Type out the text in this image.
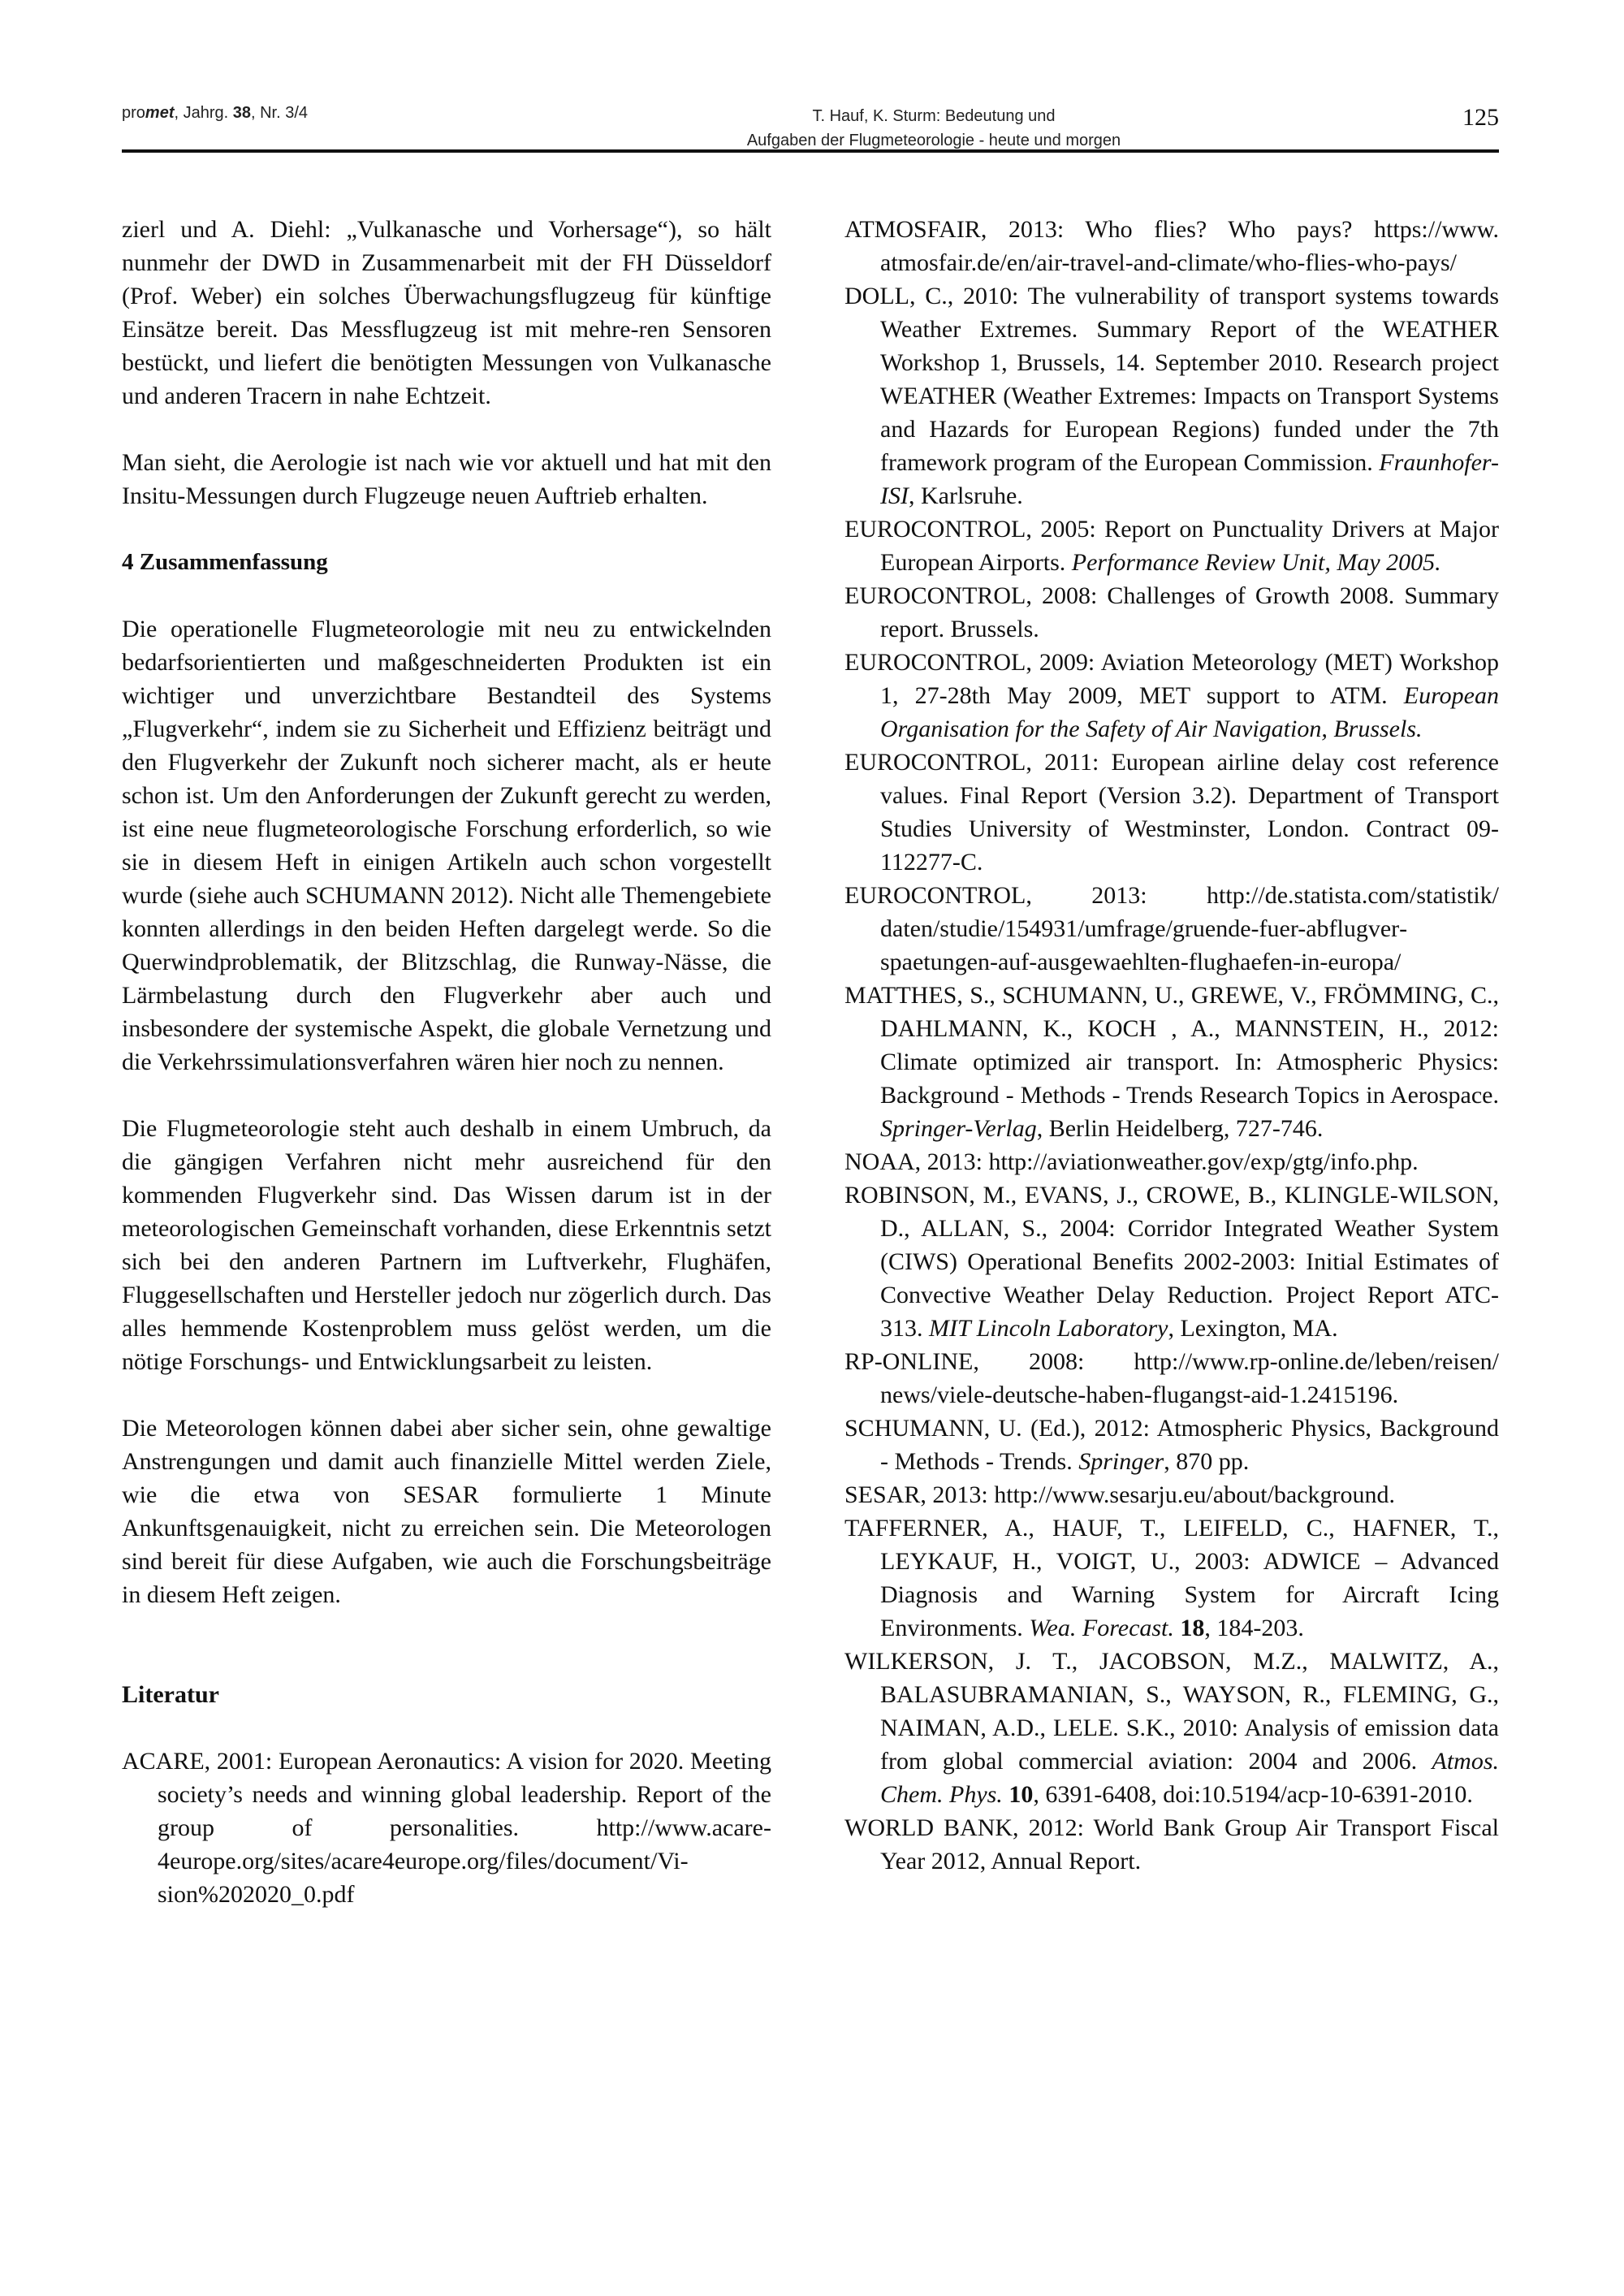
promet, Jahrg. 38, Nr. 3/4	T. Hauf, K. Sturm: Bedeutung und
Aufgaben der Flugmeteorologie - heute und morgen
125

zierl und A. Diehl: „Vulkanasche und Vorhersage“), so hält nunmehr der DWD in Zusammenarbeit mit der FH Düsseldorf (Prof. Weber) ein solches Überwachungsflugzeug für künftige Einsätze bereit. Das Messflugzeug ist mit mehre-ren Sensoren bestückt, und liefert die benötigten Messungen von Vulkanasche und anderen Tracern in nahe Echtzeit.

Man sieht, die Aerologie ist nach wie vor aktuell und hat mit den Insitu-Messungen durch Flugzeuge neuen Auftrieb erhalten.

4 Zusammenfassung

Die operationelle Flugmeteorologie mit neu zu entwickelnden bedarfsorientierten und maßgeschneiderten Produkten ist ein wichtiger und unverzichtbare Bestandteil des Systems „Flugverkehr“, indem sie zu Sicherheit und Effizienz beiträgt und den Flugverkehr der Zukunft noch sicherer macht, als er heute schon ist. Um den Anforderungen der Zukunft gerecht zu werden, ist eine neue flugmeteorologische Forschung erforderlich, so wie sie in diesem Heft in einigen Artikeln auch schon vorgestellt wurde (siehe auch SCHUMANN 2012). Nicht alle Themengebiete konnten allerdings in den beiden Heften dargelegt werde. So die Querwindproblematik, der Blitzschlag, die Runway-Nässe, die Lärmbelastung durch den Flugverkehr aber auch und insbesondere der systemische Aspekt, die globale Vernetzung und die Verkehrssimulationsverfahren wären hier noch zu nennen.

Die Flugmeteorologie steht auch deshalb in einem Umbruch, da die gängigen Verfahren nicht mehr ausreichend für den kommenden Flugverkehr sind. Das Wissen darum ist in der meteorologischen Gemeinschaft vorhanden, diese Erkenntnis setzt sich bei den anderen Partnern im Luftverkehr, Flughäfen, Fluggesellschaften und Hersteller jedoch nur zögerlich durch. Das alles hemmende Kostenproblem muss gelöst werden, um die nötige Forschungs- und Entwicklungsarbeit zu leisten.

Die Meteorologen können dabei aber sicher sein, ohne gewaltige Anstrengungen und damit auch finanzielle Mittel werden Ziele, wie die etwa von SESAR formulierte 1 Minute Ankunftsgenauigkeit, nicht zu erreichen sein. Die Meteorologen sind bereit für diese Aufgaben, wie auch die Forschungsbeiträge in diesem Heft zeigen.

Literatur
ACARE, 2001: European Aeronautics: A vision for 2020. Meeting society’s needs and winning global leadership. Report of the group of personalities. http://www.acare4europe.org/sites/acare4europe.org/files/document/Vision%202020_0.pdf
ATMOSFAIR, 2013: Who flies? Who pays? https://www. atmosfair.de/en/air-travel-and-climate/who-flies-who-pays/
DOLL, C., 2010: The vulnerability of transport systems towards Weather Extremes. Summary Report of the WEATHER Workshop 1, Brussels, 14. September 2010. Research project WEATHER (Weather Extremes: Impacts on Transport Systems and Hazards for European Regions) funded under the 7th framework program of the European Commission. Fraunhofer-ISI, Karlsruhe.
EUROCONTROL, 2005: Report on Punctuality Drivers at Major European Airports. Performance Review Unit, May 2005.
EUROCONTROL, 2008: Challenges of Growth 2008. Summary report. Brussels.
EUROCONTROL, 2009: Aviation Meteorology (MET) Workshop 1, 27-28th May 2009, MET support to ATM. European Organisation for the Safety of Air Navigation, Brussels.
EUROCONTROL, 2011: European airline delay cost reference values. Final Report (Version 3.2). Department of Transport Studies University of Westminster, London. Contract 09-112277-C.
EUROCONTROL, 2013: http://de.statista.com/statistik/ daten/studie/154931/umfrage/gruende-fuer-abflugverspaetungen-auf-ausgewaehlten-flughaefen-in-europa/
MATTHES, S., SCHUMANN, U., GREWE, V., FRÖMMING, C., DAHLMANN, K., KOCH , A., MANNSTEIN, H., 2012: Climate optimized air transport. In: Atmospheric Physics: Background - Methods - Trends Research Topics in Aerospace. Springer-Verlag, Berlin Heidelberg, 727-746.
NOAA, 2013: http://aviationweather.gov/exp/gtg/info.php.
ROBINSON, M., EVANS, J., CROWE, B., KLINGLE-WILSON, D., ALLAN, S., 2004: Corridor Integrated Weather System (CIWS) Operational Benefits 2002-2003: Initial Estimates of Convective Weather Delay Reduction. Project Report ATC-313. MIT Lincoln Laboratory, Lexington, MA.
RP-ONLINE, 2008: http://www.rp-online.de/leben/reisen/ news/viele-deutsche-haben-flugangst-aid-1.2415196.
SCHUMANN, U. (Ed.), 2012: Atmospheric Physics, Background - Methods - Trends. Springer, 870 pp.
SESAR, 2013: http://www.sesarju.eu/about/background.
TAFFERNER, A., HAUF, T., LEIFELD, C., HAFNER, T., LEYKAUF, H., VOIGT, U., 2003: ADWICE – Advanced Diagnosis and Warning System for Aircraft Icing Environments. Wea. Forecast. 18, 184-203.
WILKERSON, J. T., JACOBSON, M.Z., MALWITZ, A., BALASUBRAMANIAN, S., WAYSON, R., FLEMING, G., NAIMAN, A.D., LELE. S.K., 2010: Analysis of emission data from global commercial aviation: 2004 and 2006. Atmos. Chem. Phys. 10, 6391-6408, doi:10.5194/acp-10-6391-2010.
WORLD BANK, 2012: World Bank Group Air Transport Fiscal Year 2012, Annual Report.
